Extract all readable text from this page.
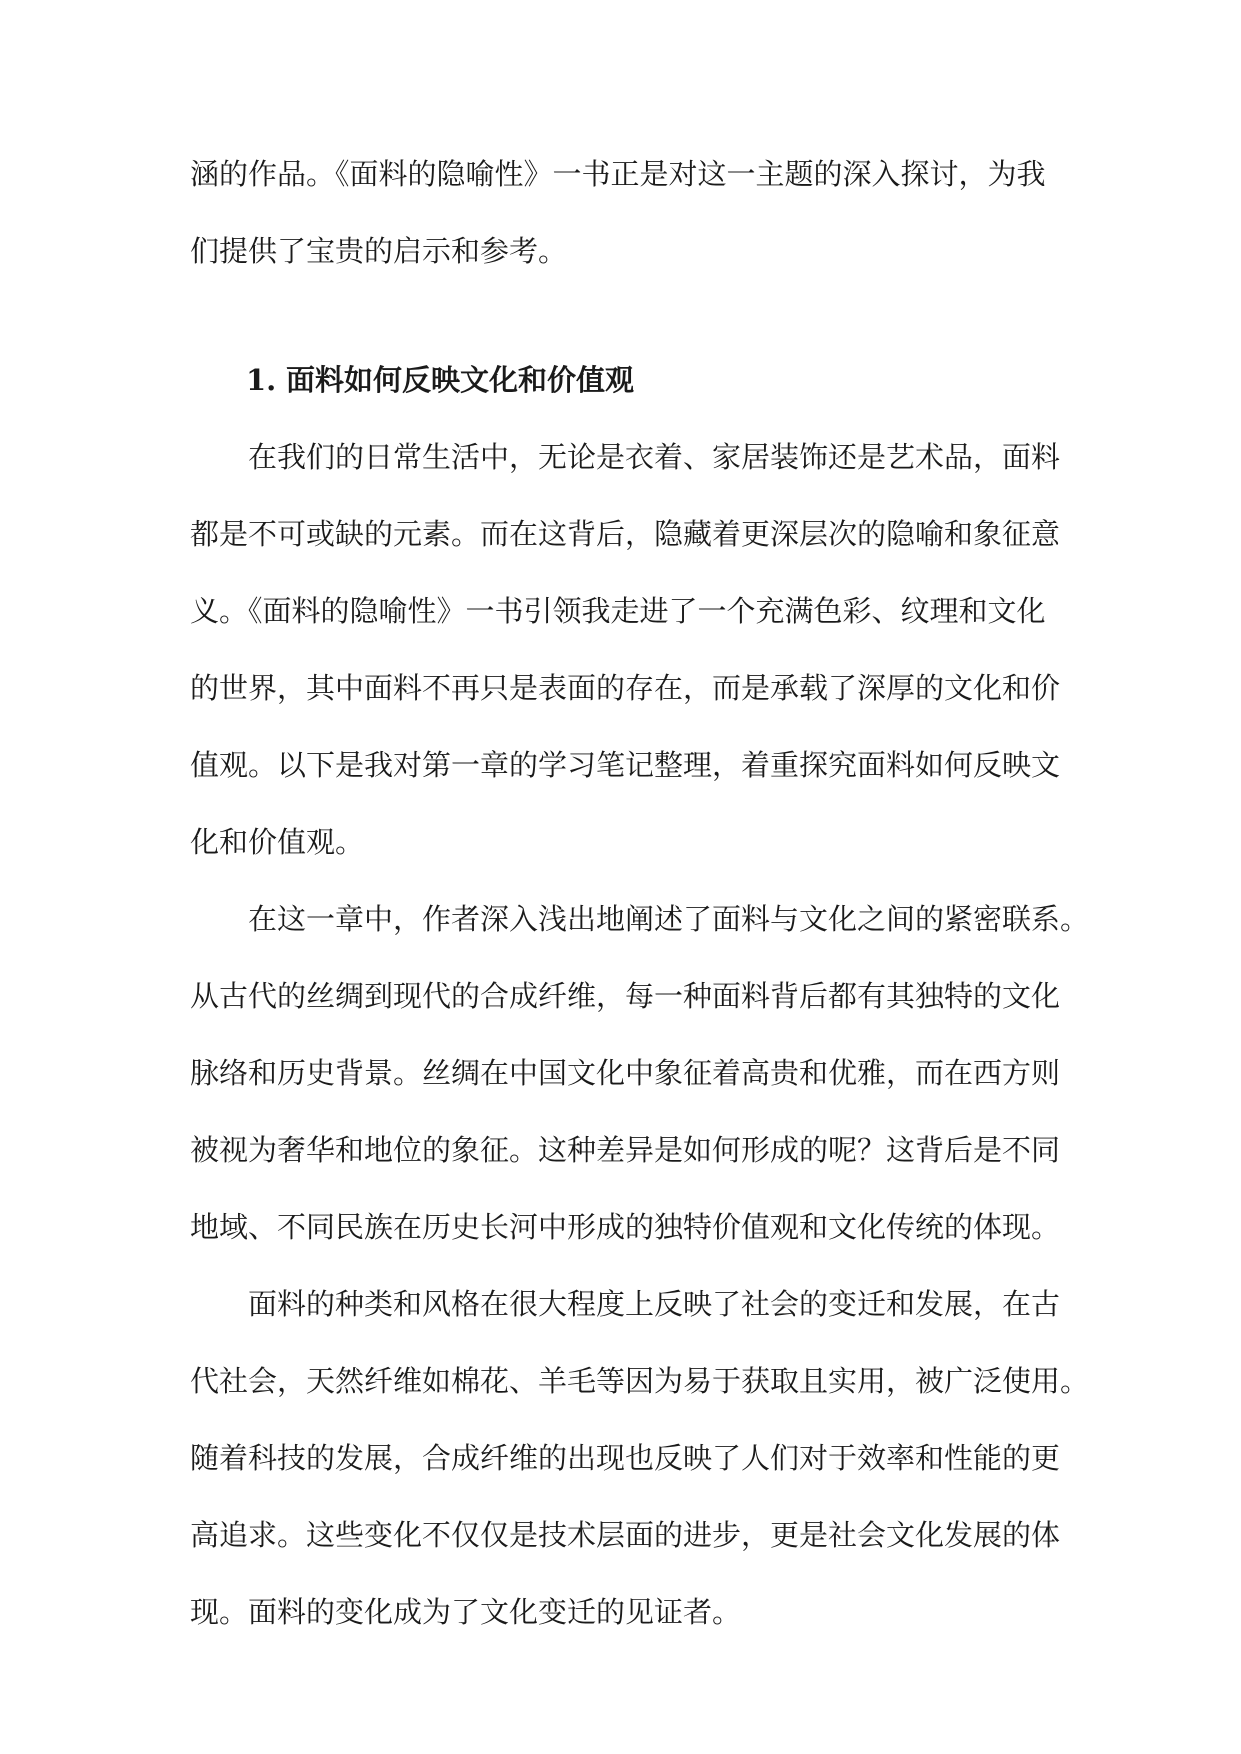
涵的作品。《面料的隐喻性》一书正是对这一主题的深入探讨，为我
们提供了宝贵的启示和参考。
1. 面料如何反映文化和价值观
在我们的日常生活中，无论是衣着、家居装饰还是艺术品，面料
都是不可或缺的元素。而在这背后，隐藏着更深层次的隐喻和象征意
义。《面料的隐喻性》一书引领我走进了一个充满色彩、纹理和文化
的世界，其中面料不再只是表面的存在，而是承载了深厚的文化和价
值观。以下是我对第一章的学习笔记整理，着重探究面料如何反映文
化和价值观。
在这一章中，作者深入浅出地阐述了面料与文化之间的紧密联系。
从古代的丝绸到现代的合成纤维，每一种面料背后都有其独特的文化
脉络和历史背景。丝绸在中国文化中象征着高贵和优雅，而在西方则
被视为奢华和地位的象征。这种差异是如何形成的呢？这背后是不同
地域、不同民族在历史长河中形成的独特价值观和文化传统的体现。
面料的种类和风格在很大程度上反映了社会的变迁和发展，在古
代社会，天然纤维如棉花、羊毛等因为易于获取且实用，被广泛使用。
随着科技的发展，合成纤维的出现也反映了人们对于效率和性能的更
高追求。这些变化不仅仅是技术层面的进步，更是社会文化发展的体
现。面料的变化成为了文化变迁的见证者。
